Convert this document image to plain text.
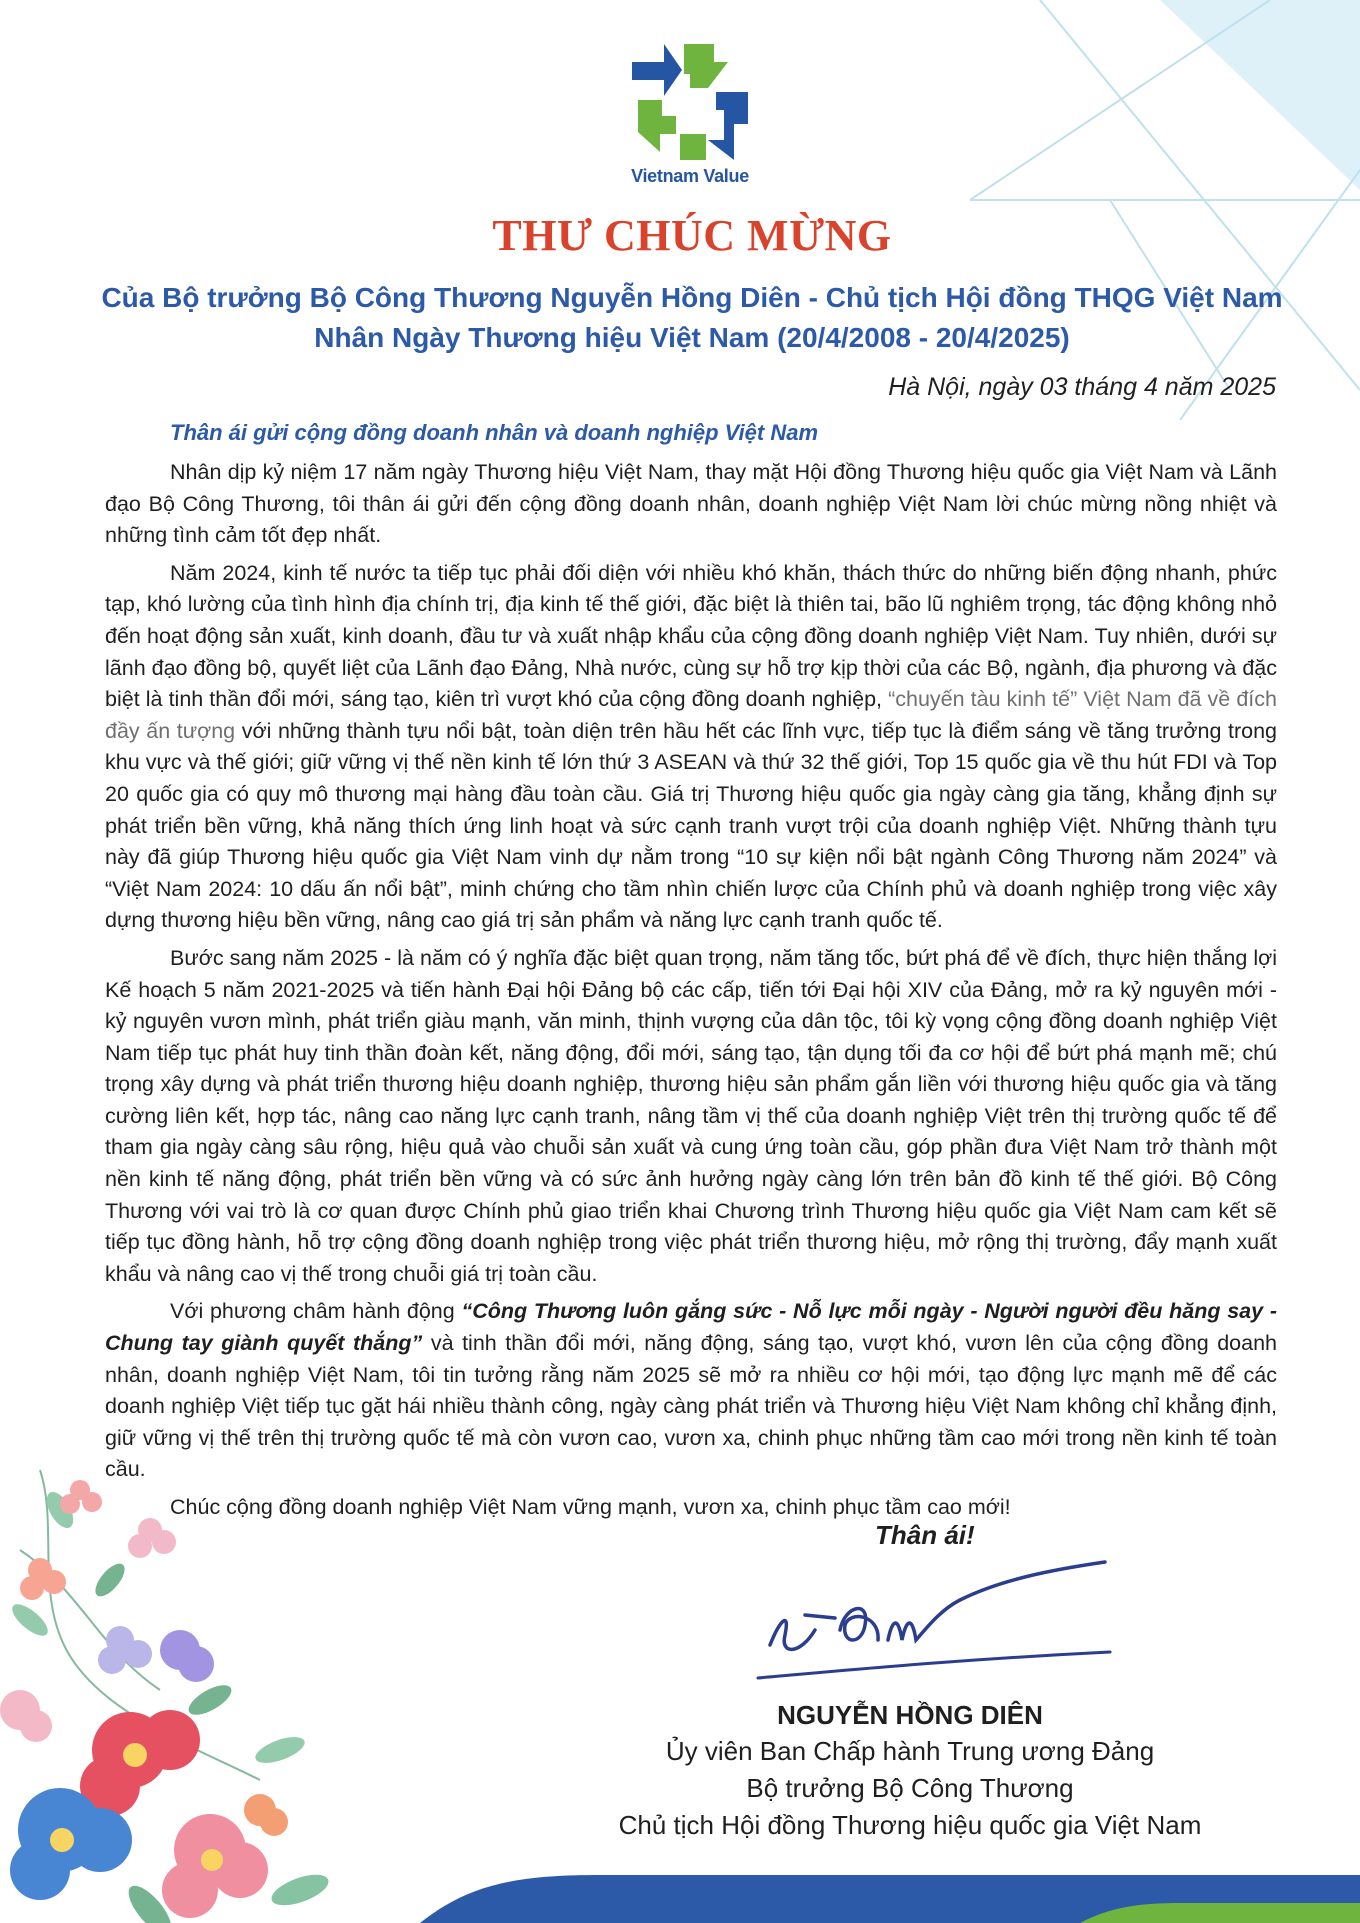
Vietnam Value
THƯ CHÚC MỪNG
Của Bộ trưởng Bộ Công Thương Nguyễn Hồng Diên - Chủ tịch Hội đồng THQG Việt Nam
Nhân Ngày Thương hiệu Việt Nam (20/4/2008 - 20/4/2025)
Hà Nội, ngày 03 tháng 4 năm 2025
Thân ái gửi cộng đồng doanh nhân và doanh nghiệp Việt Nam

Nhân dịp kỷ niệm 17 năm ngày Thương hiệu Việt Nam, thay mặt Hội đồng Thương hiệu quốc gia Việt Nam và Lãnh đạo Bộ Công Thương, tôi thân ái gửi đến cộng đồng doanh nhân, doanh nghiệp Việt Nam lời chúc mừng nồng nhiệt và những tình cảm tốt đẹp nhất.

Năm 2024, kinh tế nước ta tiếp tục phải đối diện với nhiều khó khăn, thách thức do những biến động nhanh, phức tạp, khó lường của tình hình địa chính trị, địa kinh tế thế giới, đặc biệt là thiên tai, bão lũ nghiêm trọng, tác động không nhỏ đến hoạt động sản xuất, kinh doanh, đầu tư và xuất nhập khẩu của cộng đồng doanh nghiệp Việt Nam. Tuy nhiên, dưới sự lãnh đạo đồng bộ, quyết liệt của Lãnh đạo Đảng, Nhà nước, cùng sự hỗ trợ kịp thời của các Bộ, ngành, địa phương và đặc biệt là tinh thần đổi mới, sáng tạo, kiên trì vượt khó của cộng đồng doanh nghiệp, “chuyến tàu kinh tế” Việt Nam đã về đích đầy ấn tượng với những thành tựu nổi bật, toàn diện trên hầu hết các lĩnh vực, tiếp tục là điểm sáng về tăng trưởng trong khu vực và thế giới; giữ vững vị thế nền kinh tế lớn thứ 3 ASEAN và thứ 32 thế giới, Top 15 quốc gia về thu hút FDI và Top 20 quốc gia có quy mô thương mại hàng đầu toàn cầu. Giá trị Thương hiệu quốc gia ngày càng gia tăng, khẳng định sự phát triển bền vững, khả năng thích ứng linh hoạt và sức cạnh tranh vượt trội của doanh nghiệp Việt. Những thành tựu này đã giúp Thương hiệu quốc gia Việt Nam vinh dự nằm trong “10 sự kiện nổi bật ngành Công Thương năm 2024” và “Việt Nam 2024: 10 dấu ấn nổi bật”, minh chứng cho tầm nhìn chiến lược của Chính phủ và doanh nghiệp trong việc xây dựng thương hiệu bền vững, nâng cao giá trị sản phẩm và năng lực cạnh tranh quốc tế.

Bước sang năm 2025 - là năm có ý nghĩa đặc biệt quan trọng, năm tăng tốc, bứt phá để về đích, thực hiện thắng lợi Kế hoạch 5 năm 2021-2025 và tiến hành Đại hội Đảng bộ các cấp, tiến tới Đại hội XIV của Đảng, mở ra kỷ nguyên mới - kỷ nguyên vươn mình, phát triển giàu mạnh, văn minh, thịnh vượng của dân tộc, tôi kỳ vọng cộng đồng doanh nghiệp Việt Nam tiếp tục phát huy tinh thần đoàn kết, năng động, đổi mới, sáng tạo, tận dụng tối đa cơ hội để bứt phá mạnh mẽ; chú trọng xây dựng và phát triển thương hiệu doanh nghiệp, thương hiệu sản phẩm gắn liền với thương hiệu quốc gia và tăng cường liên kết, hợp tác, nâng cao năng lực cạnh tranh, nâng tầm vị thế của doanh nghiệp Việt trên thị trường quốc tế để tham gia ngày càng sâu rộng, hiệu quả vào chuỗi sản xuất và cung ứng toàn cầu, góp phần đưa Việt Nam trở thành một nền kinh tế năng động, phát triển bền vững và có sức ảnh hưởng ngày càng lớn trên bản đồ kinh tế thế giới. Bộ Công Thương với vai trò là cơ quan được Chính phủ giao triển khai Chương trình Thương hiệu quốc gia Việt Nam cam kết sẽ tiếp tục đồng hành, hỗ trợ cộng đồng doanh nghiệp trong việc phát triển thương hiệu, mở rộng thị trường, đẩy mạnh xuất khẩu và nâng cao vị thế trong chuỗi giá trị toàn cầu.

Với phương châm hành động “Công Thương luôn gắng sức - Nỗ lực mỗi ngày - Người người đều hăng say - Chung tay giành quyết thắng” và tinh thần đổi mới, năng động, sáng tạo, vượt khó, vươn lên của cộng đồng doanh nhân, doanh nghiệp Việt Nam, tôi tin tưởng rằng năm 2025 sẽ mở ra nhiều cơ hội mới, tạo động lực mạnh mẽ để các doanh nghiệp Việt tiếp tục gặt hái nhiều thành công, ngày càng phát triển và Thương hiệu Việt Nam không chỉ khẳng định, giữ vững vị thế trên thị trường quốc tế mà còn vươn cao, vươn xa, chinh phục những tầm cao mới trong nền kinh tế toàn cầu.

Chúc cộng đồng doanh nghiệp Việt Nam vững mạnh, vươn xa, chinh phục tầm cao mới!

Thân ái!
NGUYỄN HỒNG DIÊN
Ủy viên Ban Chấp hành Trung ương Đảng
Bộ trưởng Bộ Công Thương
Chủ tịch Hội đồng Thương hiệu quốc gia Việt Nam
